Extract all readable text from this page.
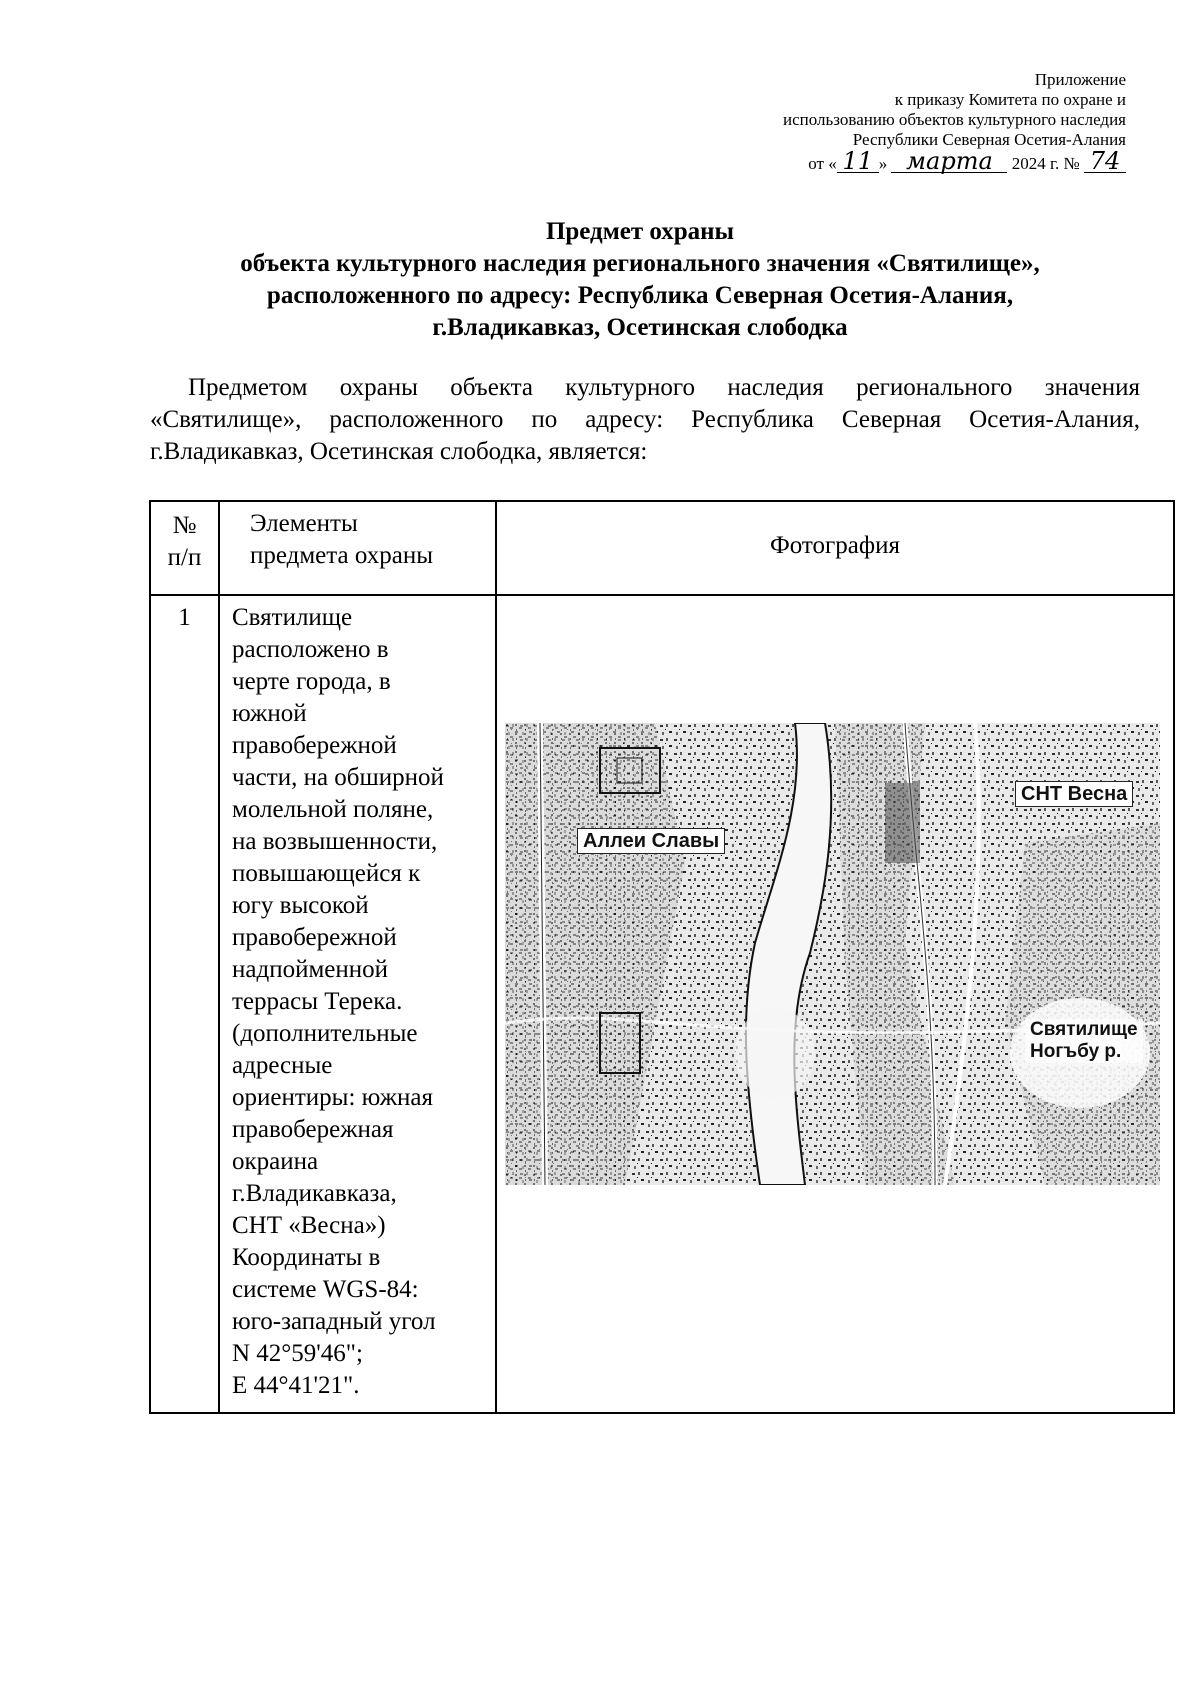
Приложение
к приказу Комитета по охране и
использованию объектов культурного наследия
Республики Северная Осетия-Алания
от « 11 » марта 2024 г. № 74
Предмет охраны
объекта культурного наследия регионального значения «Святилище»,
расположенного по адресу: Республика Северная Осетия-Алания,
г.Владикавказ, Осетинская слободка
Предметом охраны объекта культурного наследия регионального значения
«Святилище», расположенного по адресу: Республика Северная Осетия-Алания,
г.Владикавказ, Осетинская слободка, является:
№
п/п
Элементы
предмета охраны	Фотография
1	Святилище
расположено в
черте города, в
южной
правобережной
части, на обширной
молельной поляне,
на возвышенности,
повышающейся к
югу высокой
правобережной
надпойменной
террасы Терека.
(дополнительные
адресные
ориентиры: южная
правобережная
окраина
г.Владикавказа,
СНТ «Весна»)
Координаты в
системе WGS-84:
юго-западный угол
N 42°59'46";
E 44°41'21".
Аллеи Славы
СНТ Весна
Святилище
Ногъбу р.
